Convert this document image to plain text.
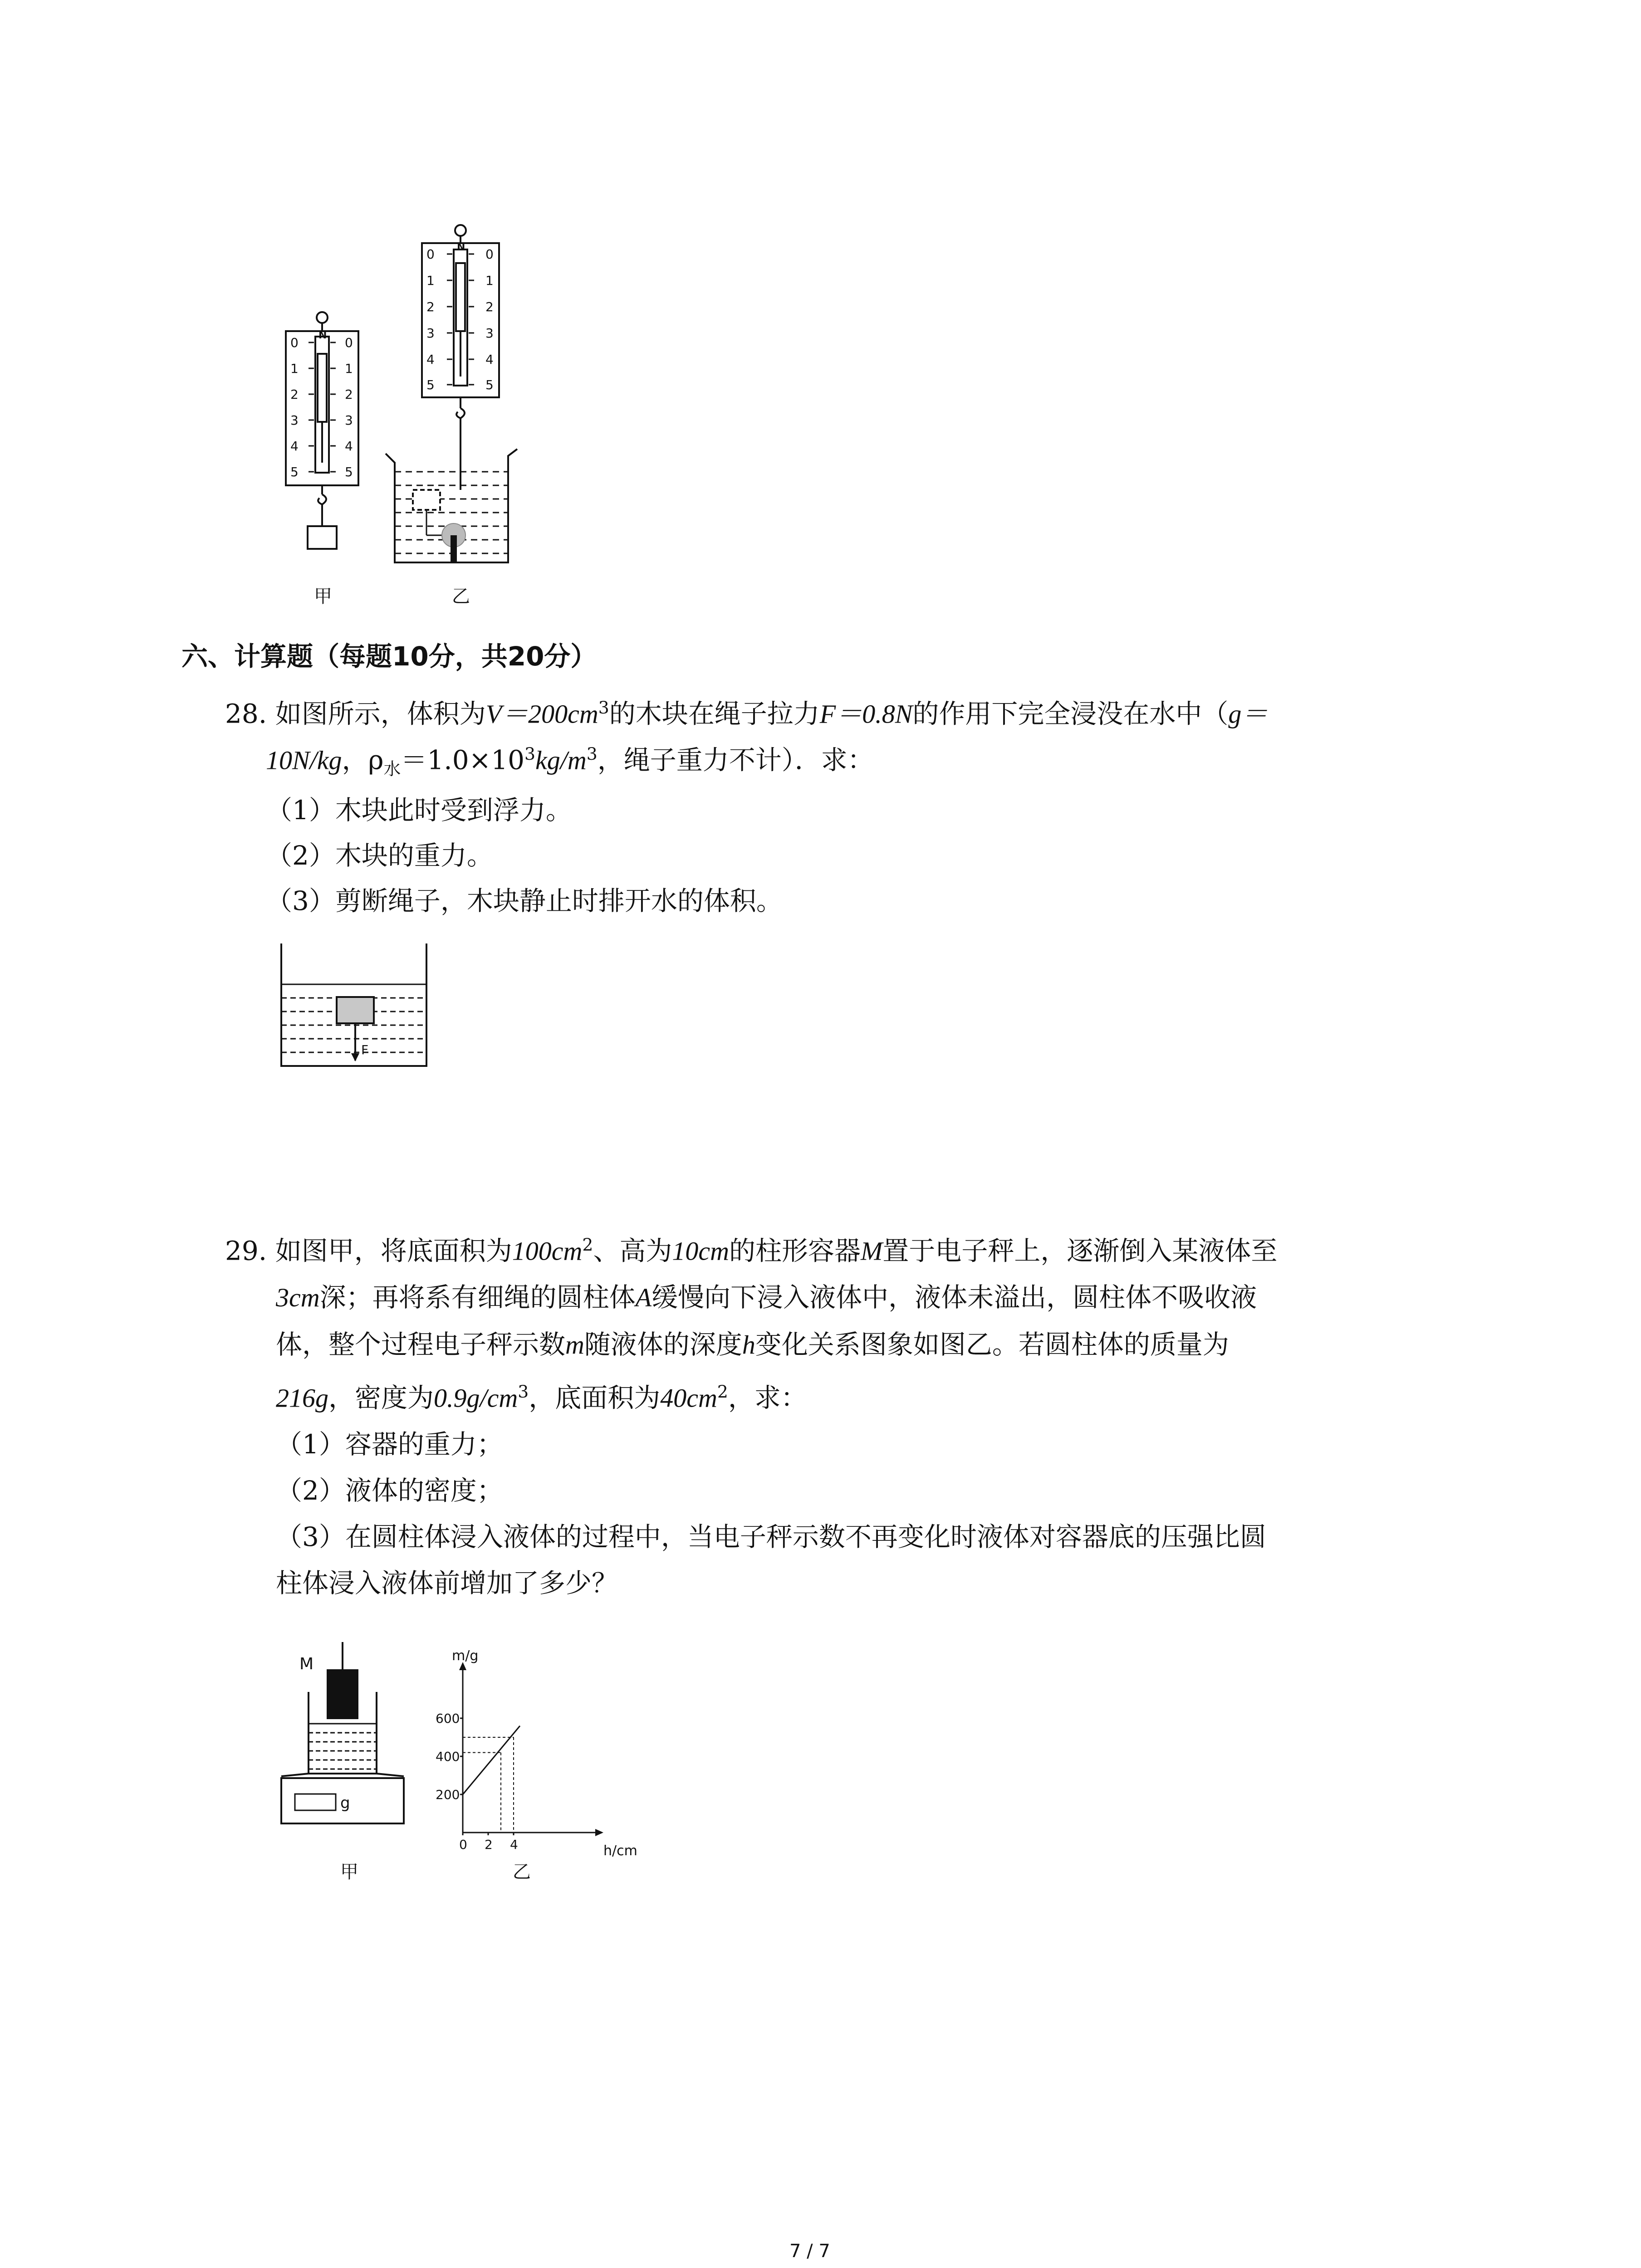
N
0	0
1	1
2	2
3	3
4	4
5	5
甲
N
0	0
1	1
2	2
3	3
4	4
5	5
乙
六、计算题（每题10分，共20分）
28. 如图所示，体积为$V=200cm^3$的木块在绳子拉力F＝0.8N的作用下完全浸没在水中（g＝
10N/kg，$\rho_水=1.0\times 10^3kg/m^3$，绳子重力不计）．求：
（1）木块此时受到浮力。
（2）木块的重力。
（3）剪断绳子，木块静止时排开水的体积。
F
29. 如图甲，将底面积为$100cm^2$、高为10cm的柱形容器M置于电子秤上，逐渐倒入某液体至
3cm深；再将系有细绳的圆柱体A缓慢向下浸入液体中，液体未溢出，圆柱体不吸收液
体，整个过程电子秤示数m随液体的深度h变化关系图象如图乙。若圆柱体的质量为
216g，密度为$0.9g/cm^3$，底面积为$40cm^2$，求：
（1）容器的重力；
（2）液体的密度；
（3）在圆柱体浸入液体的过程中，当电子秤示数不再变化时液体对容器底的压强比圆
柱体浸入液体前增加了多少？
M
g
甲
200
400
600
0 2 4
m/g
h/cm
乙
7 / 7
